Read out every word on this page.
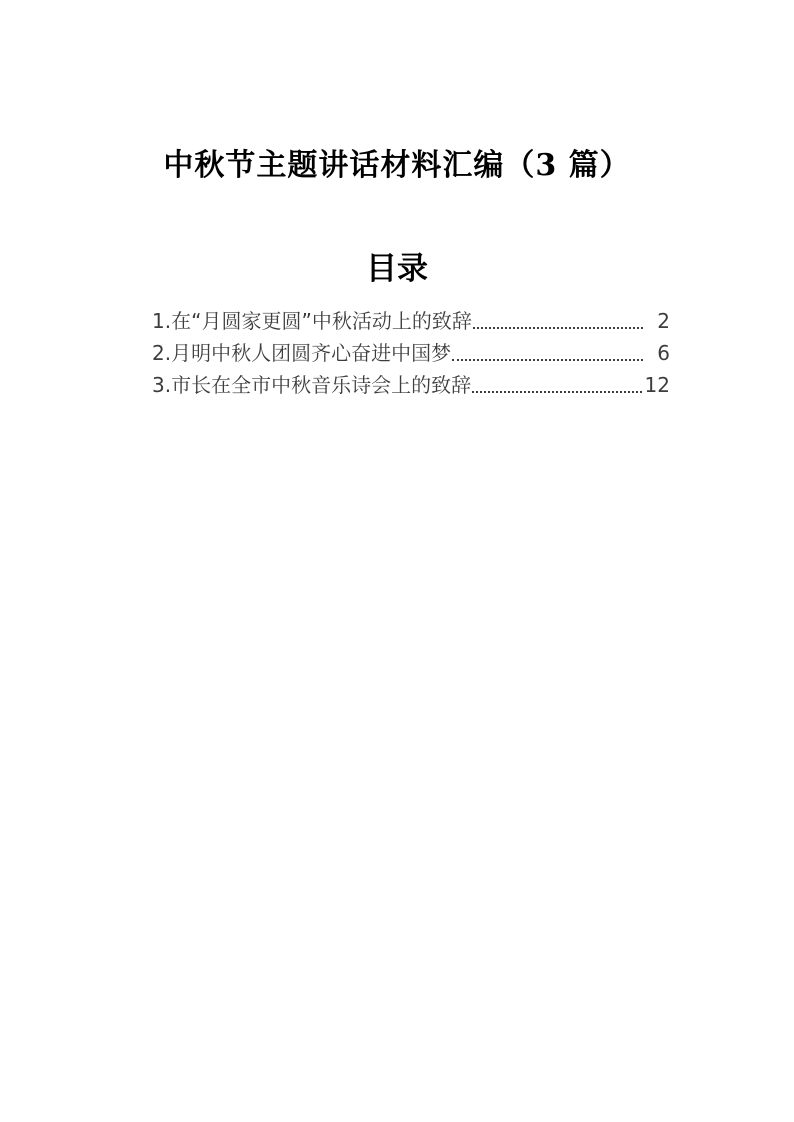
中秋节主题讲话材料汇编（3 篇）
目录
1. 在“月圆家更圆”中秋活动上的致辞	2
2. 月明中秋人团圆齐心奋进中国梦	6
3. 市长在全市中秋音乐诗会上的致辞	12
